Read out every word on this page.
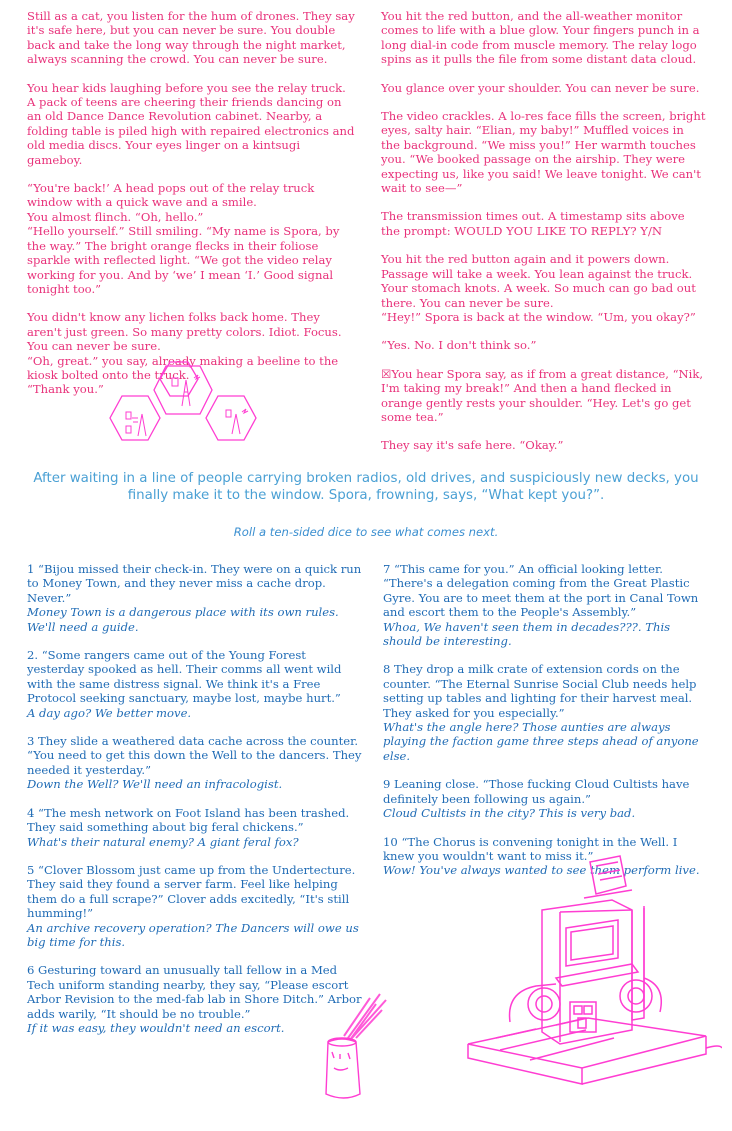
Still as a cat, you listen for the hum of drones. They say it's safe here, but you can never be sure. You double back and take the long way through the night market, always scanning the crowd. You can never be sure.

You hear kids laughing before you see the relay truck. A pack of teens are cheering their friends dancing on an old Dance Dance Revolution cabinet. Nearby, a folding table is piled high with repaired electronics and old media discs. Your eyes linger on a kintsugi gameboy.

“You're back!’ A head pops out of the relay truck window with a quick wave and a smile.
You almost flinch. “Oh, hello.”
“Hello yourself.” Still smiling. “My name is Spora, by the way.” The bright orange flecks in their foliose sparkle with reflected light. “We got the video relay working for you. And by ‘we’ I mean ‘I.’ Good signal tonight too.”

You didn't know any lichen folks back home. They aren't just green. So many pretty colors. Idiot. Focus.
You can never be sure.
“Oh, great.” you say, already making a beeline to the kiosk bolted onto the truck.
“Thank you.”

You hit the red button, and the all-weather monitor comes to life with a blue glow. Your fingers punch in a long dial-in code from muscle memory. The relay logo spins as it pulls the file from some distant data cloud.

You glance over your shoulder. You can never be sure.

The video crackles. A lo-res face fills the screen, bright eyes, salty hair. “Elian, my baby!” Muffled voices in the background. “We miss you!” Her warmth touches you. “We booked passage on the airship. They were expecting us, like you said! We leave tonight. We can't wait to see—”

The transmission times out. A timestamp sits above the prompt: WOULD YOU LIKE TO REPLY? Y/N

You hit the red button again and it powers down. Passage will take a week. You lean against the truck. Your stomach knots. A week. So much can go bad out there. You can never be sure.
“Hey!” Spora is back at the window. “Um, you okay?”

“Yes. No. I don't think so.”

☒You hear Spora say, as if from a great distance, “Nik, I'm taking my break!” And then a hand flecked in orange gently rests your shoulder. “Hey. Let's go get some tea.”

They say it's safe here. “Okay.”

After waiting in a line of people carrying broken radios, old drives, and suspiciously new decks, you finally make it to the window. Spora, frowning, says, “What kept you?”.
Roll a ten-sided dice to see what comes next.
1 “Bijou missed their check-in. They were on a quick run to Money Town, and they never miss a cache drop. Never.”
Money Town is a dangerous place with its own rules. We'll need a guide.
2. “Some rangers came out of the Young Forest yesterday spooked as hell. Their comms all went wild with the same distress signal. We think it's a Free Protocol seeking sanctuary, maybe lost, maybe hurt.”
A day ago? We better move.
3 They slide a weathered data cache across the counter. “You need to get this down the Well to the dancers. They needed it yesterday.”
Down the Well? We'll need an infracologist.
4 “The mesh network on Foot Island has been trashed. They said something about big feral chickens.”
What's their natural enemy? A giant feral fox?
5 “Clover Blossom just came up from the Undertecture. They said they found a server farm. Feel like helping them do a full scrape?” Clover adds excitedly, “It's still humming!”
An archive recovery operation? The Dancers will owe us big time for this.
6 Gesturing toward an unusually tall fellow in a Med Tech uniform standing nearby, they say, “Please escort Arbor Revision to the med-fab lab in Shore Ditch.” Arbor adds warily, “It should be no trouble.”
If it was easy, they wouldn't need an escort.
7 “This came for you.” An official looking letter. “There's a delegation coming from the Great Plastic Gyre. You are to meet them at the port in Canal Town and escort them to the People's Assembly.”
Whoa, We haven't seen them in decades???. This should be interesting.
8 They drop a milk crate of extension cords on the counter. “The Eternal Sunrise Social Club needs help setting up tables and lighting for their harvest meal. They asked for you especially.”
What's the angle here? Those aunties are always playing the faction game three steps ahead of anyone else.
9 Leaning close. “Those fucking Cloud Cultists have definitely been following us again.”
Cloud Cultists in the city? This is very bad.
10 “The Chorus is convening tonight in the Well. I knew you wouldn't want to miss it.”
Wow! You've always wanted to see them perform live.
